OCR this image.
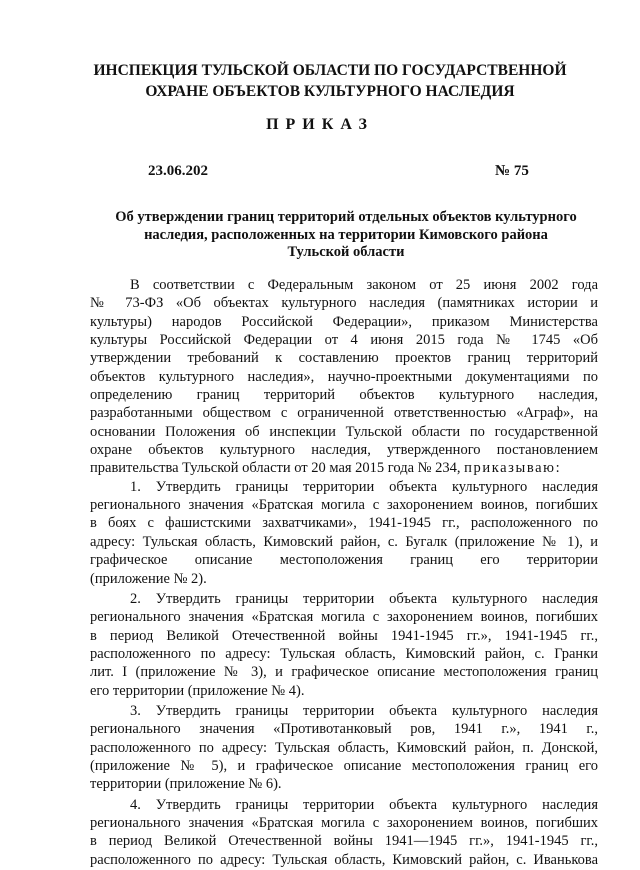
ИНСПЕКЦИЯ ТУЛЬСКОЙ ОБЛАСТИ ПО ГОСУДАРСТВЕННОЙ
ОХРАНЕ ОБЪЕКТОВ КУЛЬТУРНОГО НАСЛЕДИЯ
ПРИКАЗ
23.06.202	№ 75
Об утверждении границ территорий отдельных объектов культурного
наследия, расположенных на территории Кимовского района
Тульской области
В соответствии с Федеральным законом от 25 июня 2002 года
№ 73-ФЗ «Об объектах культурного наследия (памятниках истории и
культуры) народов Российской Федерации», приказом Министерства
культуры Российской Федерации от 4 июня 2015 года № 1745 «Об
утверждении требований к составлению проектов границ территорий
объектов культурного наследия», научно-проектными документациями по
определению границ территорий объектов культурного наследия,
разработанными обществом с ограниченной ответственностью «Аграф», на
основании Положения об инспекции Тульской области по государственной
охране объектов культурного наследия, утвержденного постановлением
правительства Тульской области от 20 мая 2015 года № 234, приказываю:
1. Утвердить границы территории объекта культурного наследия
регионального значения «Братская могила с захоронением воинов, погибших
в боях с фашистскими захватчиками», 1941-1945 гг., расположенного по
адресу: Тульская область, Кимовский район, с. Бугалк (приложение № 1), и
графическое описание местоположения границ его территории
(приложение № 2).
2. Утвердить границы территории объекта культурного наследия
регионального значения «Братская могила с захоронением воинов, погибших
в период Великой Отечественной войны 1941-1945 гг.», 1941-1945 гг.,
расположенного по адресу: Тульская область, Кимовский район, с. Гранки
лит. I (приложение № 3), и графическое описание местоположения границ
его территории (приложение № 4).
3. Утвердить границы территории объекта культурного наследия
регионального значения «Противотанковый ров, 1941 г.», 1941 г.,
расположенного по адресу: Тульская область, Кимовский район, п. Донской,
(приложение № 5), и графическое описание местоположения границ его
территории (приложение № 6).
4. Утвердить границы территории объекта культурного наследия
регионального значения «Братская могила с захоронением воинов, погибших
в период Великой Отечественной войны 1941—1945 гг.», 1941-1945 гг.,
расположенного по адресу: Тульская область, Кимовский район, с. Иванькова
